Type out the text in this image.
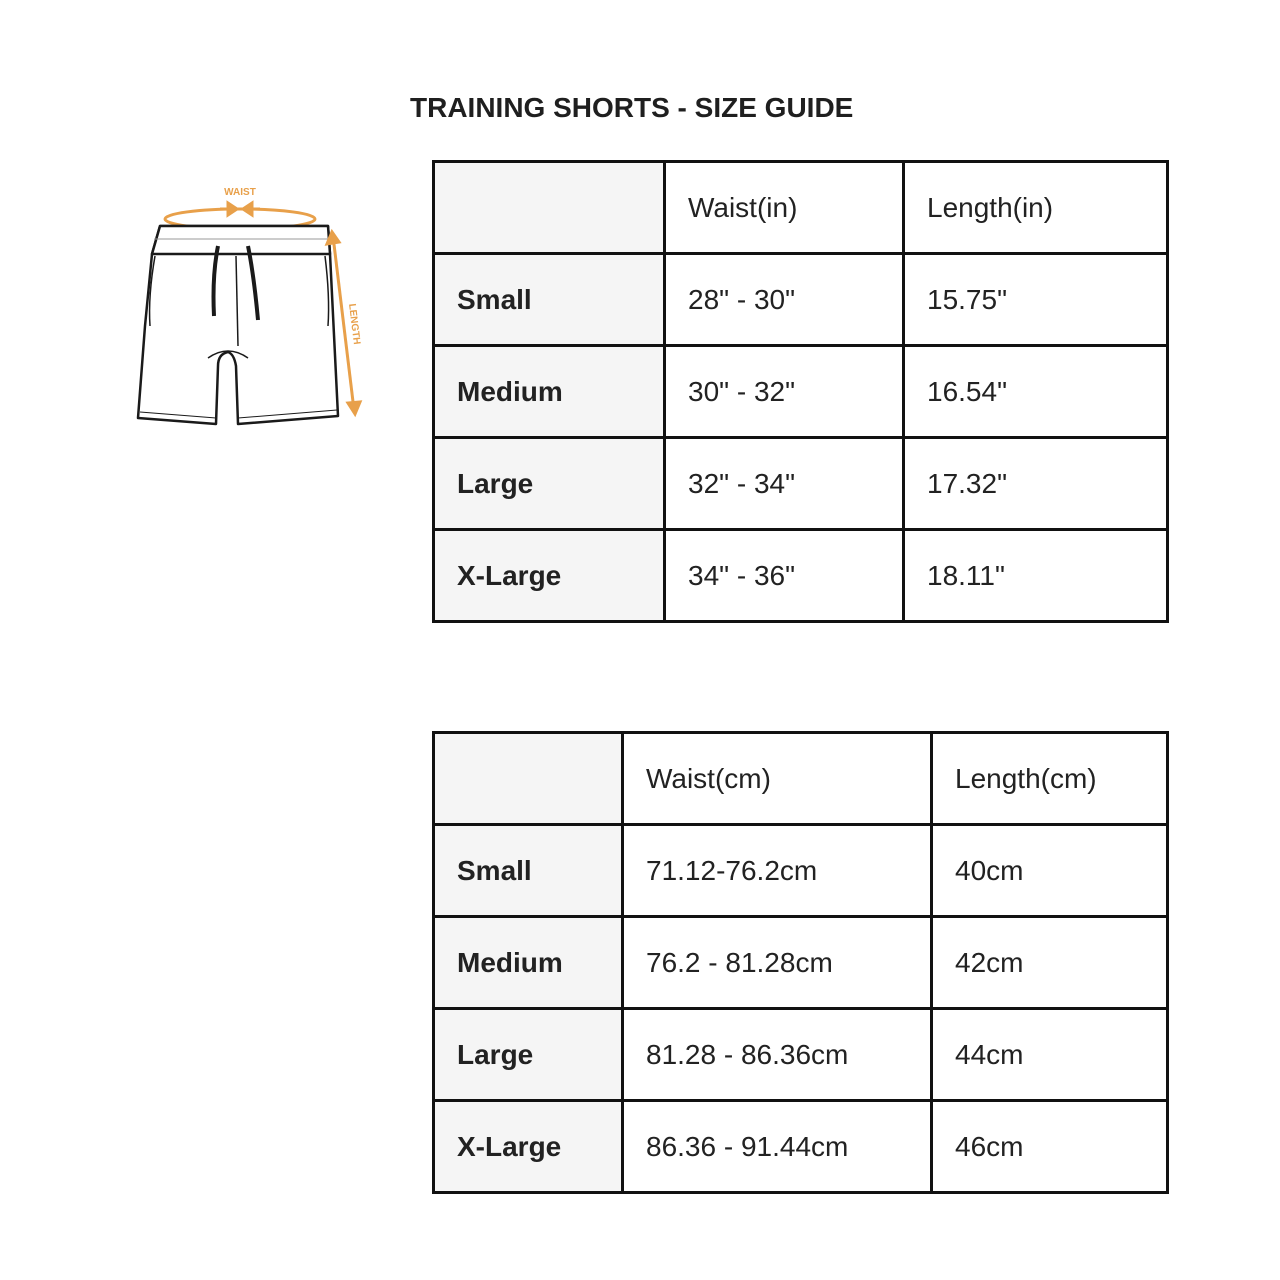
TRAINING SHORTS - SIZE GUIDE
WAIST
LENGTH
	Waist(in)	Length(in)
Small	28" - 30"	15.75"
Medium	30" - 32"	16.54"
Large	32" - 34"	17.32"
X-Large	34" - 36"	18.11"
	Waist(cm)	Length(cm)
Small	71.12-76.2cm	40cm
Medium	76.2 - 81.28cm	42cm
Large	81.28 - 86.36cm	44cm
X-Large	86.36 - 91.44cm	46cm
